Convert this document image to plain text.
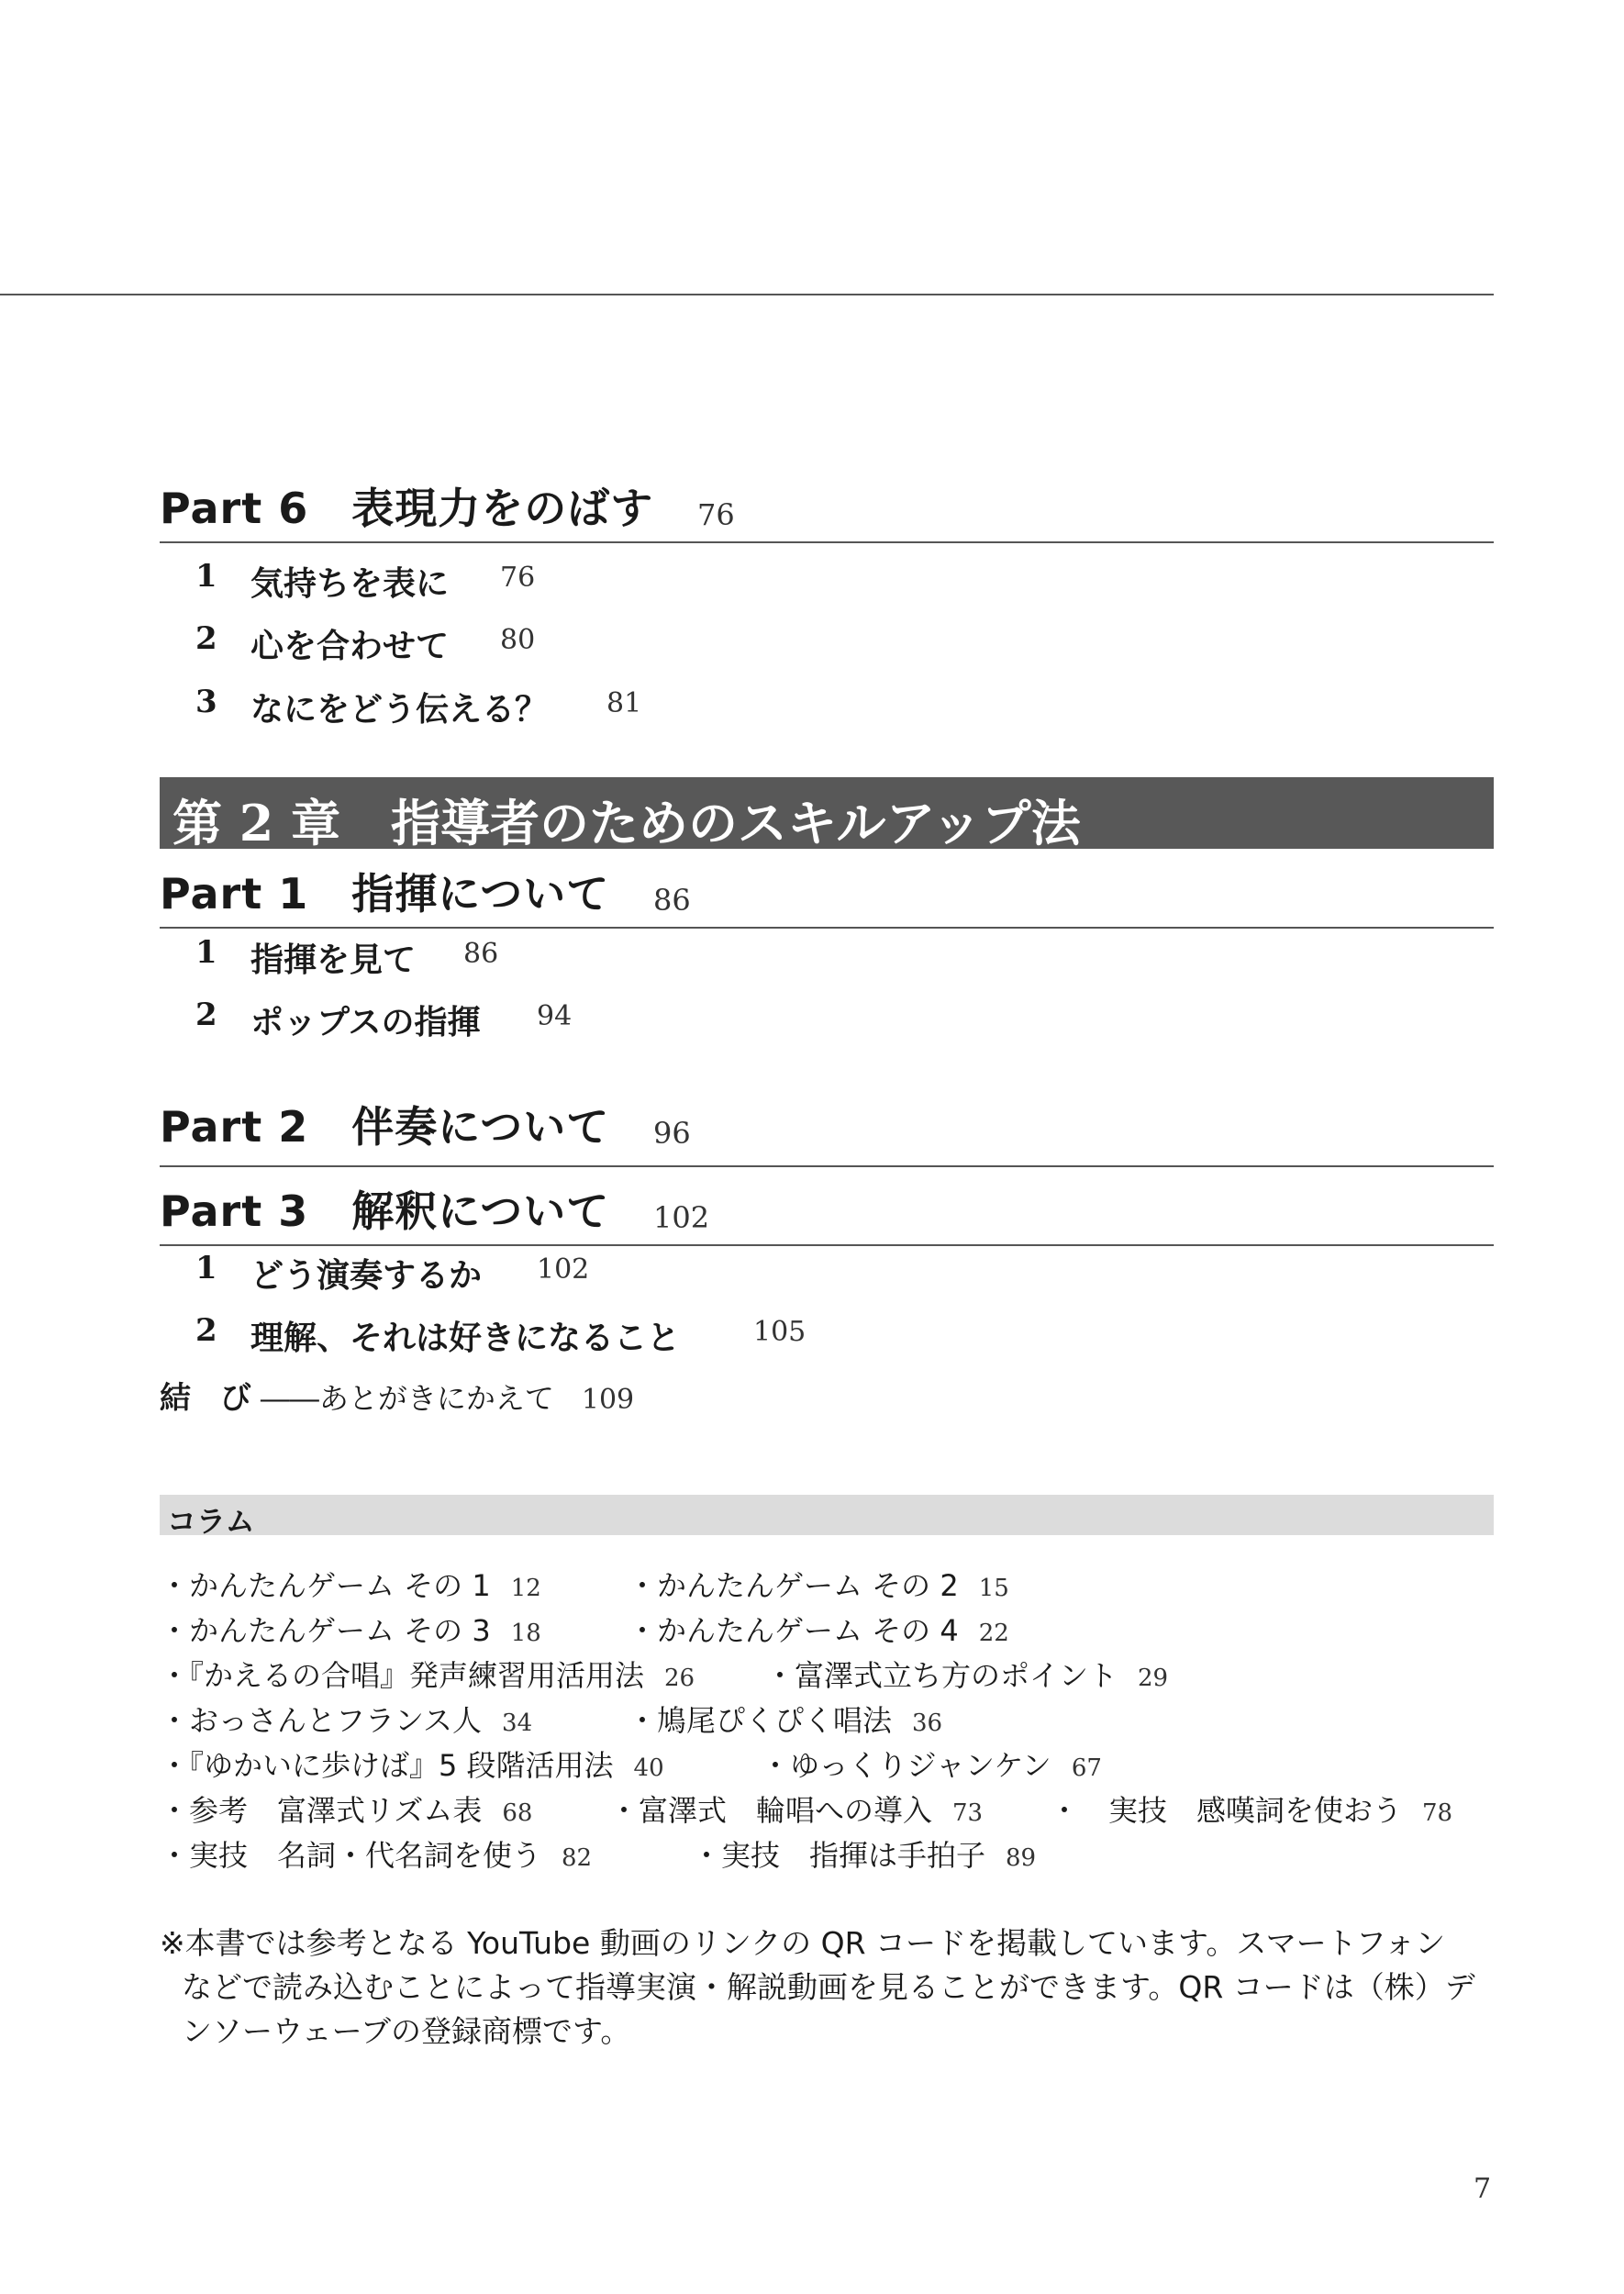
Part 6　表現力をのばす 76
1 気持ちを表に 76
2 心を合わせて 80
3 なにをどう伝える？ 81
第 2 章 指導者のためのスキルアップ法
Part 1　指揮について 86
1 指揮を見て 86
2 ポップスの指揮 94
Part 2　伴奏について 96
Part 3　解釈について 102
1 どう演奏するか 102
2 理解、それは好きになること	105
結 び――あとがきにかえて 109
コラム
・かんたんゲーム その 1 12	・かんたんゲーム その 2 15
・かんたんゲーム その 3 18	・かんたんゲーム その 4 22
・『かえるの合唱』発声練習用活用法 26 ・富澤式立ち方のポイント 29
・おっさんとフランス人 34	・鳩尾ぴくぴく唱法 36
・『ゆかいに歩けば』5 段階活用法 40	・ゆっくりジャンケン 67
・参考　富澤式リズム表 68	・富澤式　輪唱への導入 73 ・　実技　感嘆詞を使おう 78
・実技　名詞・代名詞を使う 82	・実技　指揮は手拍子 89
※本書では参考となる YouTube 動画のリンクの QR コードを掲載しています。スマートフォン
などで読み込むことによって指導実演・解説動画を見ることができます。QR コードは（株）デ
ンソーウェーブの登録商標です。
7
